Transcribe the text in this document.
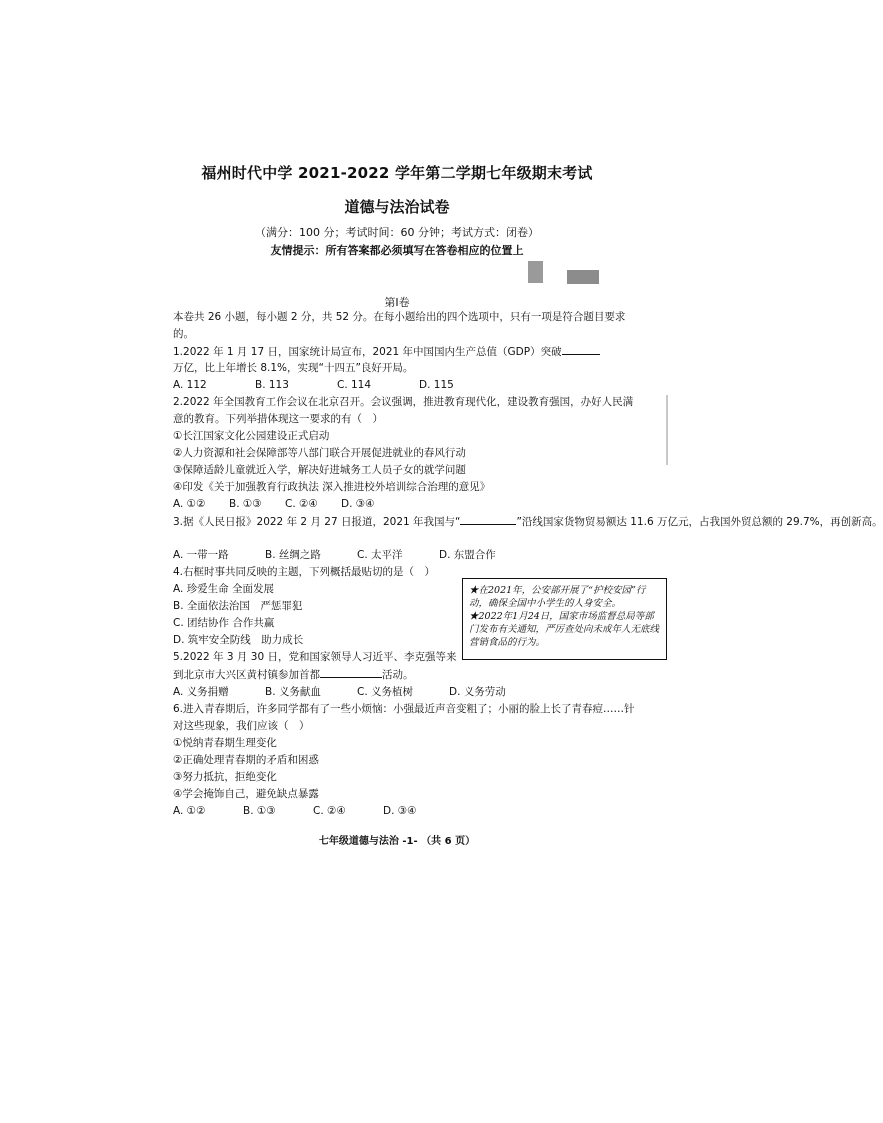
福州时代中学 2021-2022 学年第二学期七年级期末考试
道德与法治试卷
（满分：100 分；考试时间：60 分钟；考试方式：闭卷）
友情提示：所有答案都必须填写在答卷相应的位置上
第Ⅰ卷
本卷共 26 小题，每小题 2 分，共 52 分。在每小题给出的四个选项中，只有一项是符合题目要求的。
1.2022 年 1 月 17 日，国家统计局宣布，2021 年中国国内生产总值（GDP）突破
万亿，比上年增长 8.1%，实现“十四五”良好开局。
A. 112	B. 113	C. 114	D. 115
2.2022 年全国教育工作会议在北京召开。会议强调，推进教育现代化，建设教育强国，办好人民满意的教育。下列举措体现这一要求的有（　）
①长江国家文化公园建设正式启动
②人力资源和社会保障部等八部门联合开展促进就业的春风行动
③保障适龄儿童就近入学，解决好进城务工人员子女的就学问题
④印发《关于加强教育行政执法 深入推进校外培训综合治理的意见》
A. ①②	B. ①③	C. ②④	D. ③④
3.据《人民日报》2022 年 2 月 27 日报道，2021 年我国与“	”沿线国家货物贸易额达 11.6 万亿元，占我国外贸总额的 29.7%，再创新高。
A. 一带一路	B. 丝绸之路	C. 太平洋	D. 东盟合作
4.右框时事共同反映的主题，下列概括最贴切的是（　）
A. 珍爱生命 全面发展
B. 全面依法治国　严惩罪犯
C. 团结协作 合作共赢
D. 筑牢安全防线　助力成长
5.2022 年 3 月 30 日，党和国家领导人习近平、李克强等来到北京市大兴区黄村镇参加首都	活动。
A. 义务捐赠	B. 义务献血	C. 义务植树	D. 义务劳动
6.进入青春期后，许多同学都有了一些小烦恼：小强最近声音变粗了；小丽的脸上长了青春痘……针对这些现象，我们应该（　）
①悦纳青春期生理变化
②正确处理青春期的矛盾和困惑
③努力抵抗，拒绝变化
④学会掩饰自己，避免缺点暴露
A. ①②	B. ①③	C. ②④	D. ③④
★在2021年，公安部开展了“护校安园”行动，确保全国中小学生的人身安全。
★2022年1月24日，国家市场监督总局等部门发布有关通知，严厉查处向未成年人无底线营销食品的行为。
七年级道德与法治 -1- （共 6 页）
